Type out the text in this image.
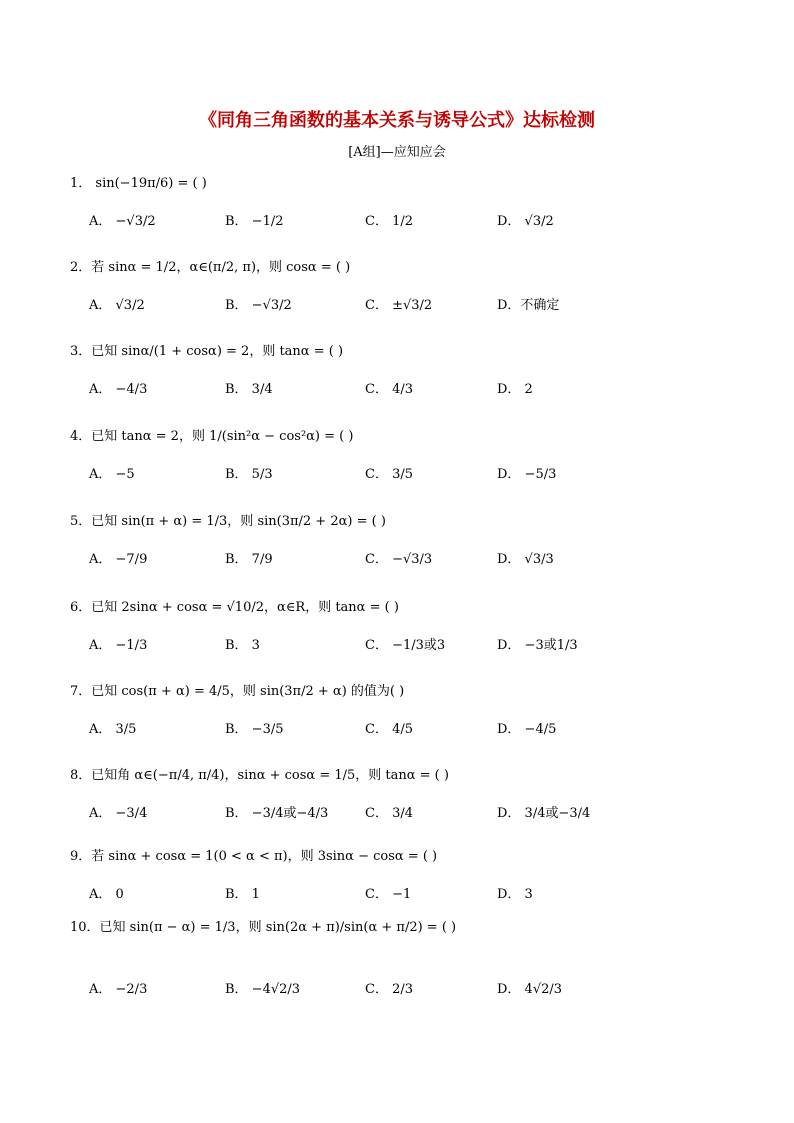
《同角三角函数的基本关系与诱导公式》达标检测
[A组]—应知应会
1． sin(−19π/6) = ( )
A． −√3/2	B． −1/2	C． 1/2	D． √3/2
2．若 sinα = 1/2，α∈(π/2, π)，则 cosα = ( )
A． √3/2	B． −√3/2	C． ±√3/2	D．不确定
3．已知 sinα/(1 + cosα) = 2，则 tanα = ( )
A． −4/3	B． 3/4	C． 4/3	D． 2
4．已知 tanα = 2，则 1/(sin²α − cos²α) = ( )
A． −5	B． 5/3	C． 3/5	D． −5/3
5．已知 sin(π + α) = 1/3，则 sin(3π/2 + 2α) = ( )
A． −7/9	B． 7/9	C． −√3/3	D． √3/3
6．已知 2sinα + cosα = √10/2，α∈R，则 tanα = ( )
A． −1/3	B． 3	C． −1/3或3	D． −3或1/3
7．已知 cos(π + α) = 4/5，则 sin(3π/2 + α) 的值为( )
A． 3/5	B． −3/5	C． 4/5	D． −4/5
8．已知角 α∈(−π/4, π/4)，sinα + cosα = 1/5，则 tanα = ( )
A． −3/4	B． −3/4或−4/3	C． 3/4	D． 3/4或−3/4
9．若 sinα + cosα = 1(0 < α < π)，则 3sinα − cosα = ( )
A． 0	B． 1	C． −1	D． 3
10．已知 sin(π − α) = 1/3，则 sin(2α + π)/sin(α + π/2) = ( )
A． −2/3	B． −4√2/3	C． 2/3	D． 4√2/3
